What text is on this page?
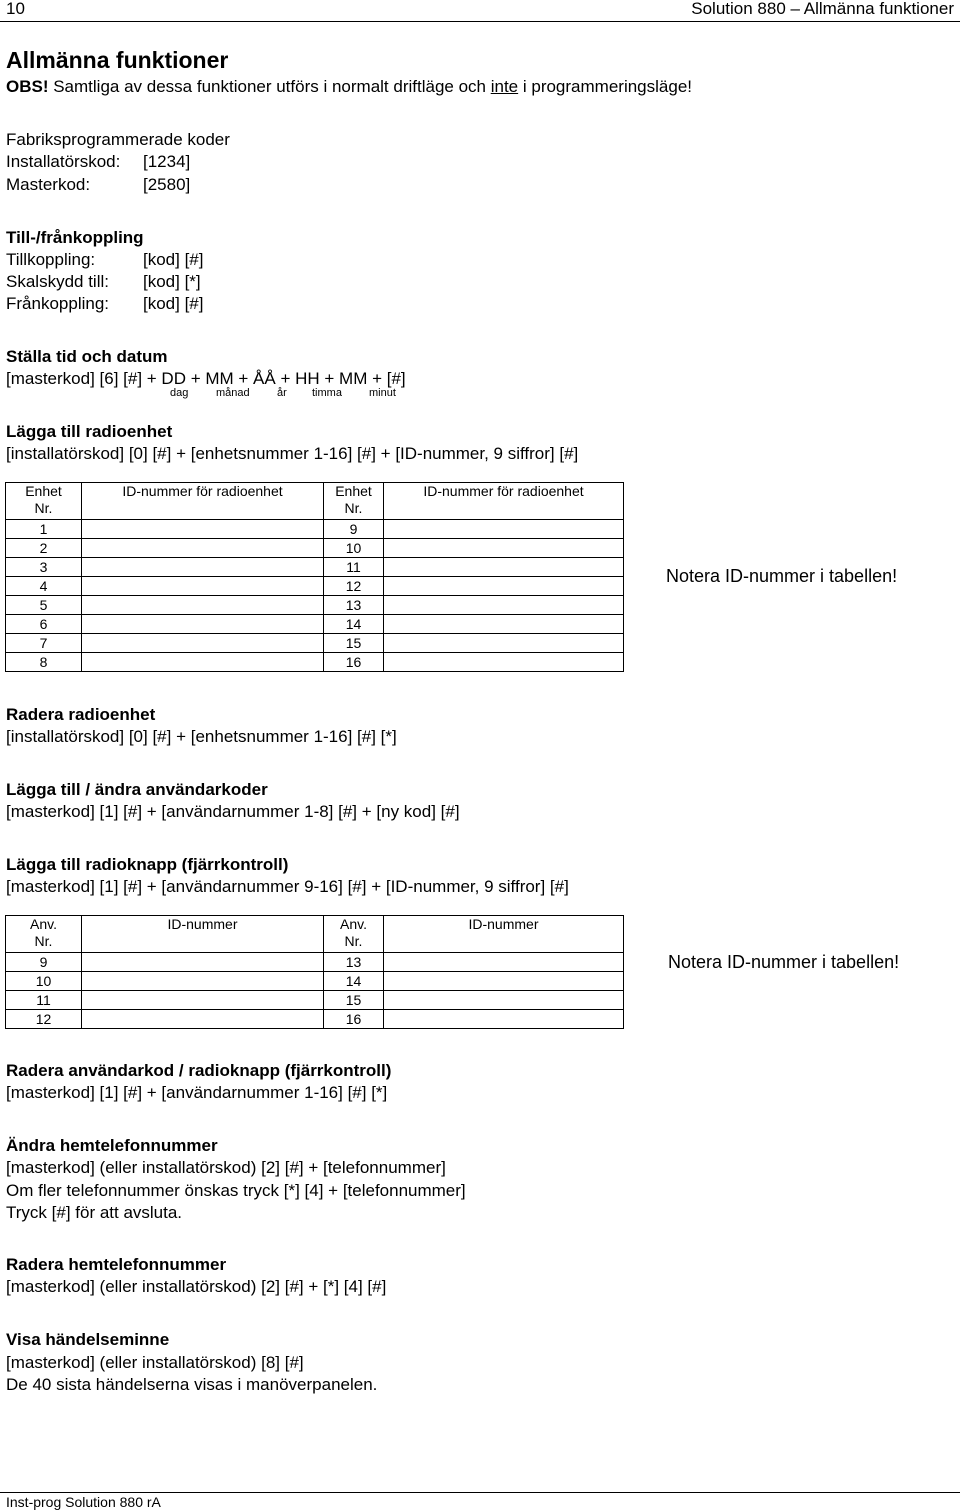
10	Solution 880 – Allmänna funktioner
Allmänna funktioner
OBS! Samtliga av dessa funktioner utförs i normalt driftläge och inte i programmeringsläge!
Fabriksprogrammerade koder
Installatörskod: [1234]
Masterkod:	[2580]
Till-/frånkoppling
Tillkoppling:	[kod] [#]
Skalskydd till: [kod] [*]
Frånkoppling: [kod] [#]
Ställa tid och datum
[masterkod] [6] [#] + DD + MM + ÅÅ + HH + MM + [#]
dag	månad år timma minut
Lägga till radioenhet
[installatörskod] [0] [#] + [enhetsnummer 1-16] [#] + [ID-nummer, 9 siffror] [#]
Enhet
Nr.	ID-nummer för radioenhet	Enhet
Nr.	ID-nummer för radioenhet
1		9	
2		10	
3		11	
4		12	
5		13	
6		14	
7		15	
8		16	
Notera ID-nummer i tabellen!
Radera radioenhet
[installatörskod] [0] [#] + [enhetsnummer 1-16] [#] [*]
Lägga till / ändra användarkoder
[masterkod] [1] [#] + [användarnummer 1-8] [#] + [ny kod] [#]
Lägga till radioknapp (fjärrkontroll)
[masterkod] [1] [#] + [användarnummer 9-16] [#] + [ID-nummer, 9 siffror] [#]
Anv.
Nr.	ID-nummer	Anv.
Nr.	ID-nummer
9		13	
10		14	
11		15	
12		16	
Notera ID-nummer i tabellen!
Radera användarkod / radioknapp (fjärrkontroll)
[masterkod] [1] [#] + [användarnummer 1-16] [#] [*]
Ändra hemtelefonnummer
[masterkod] (eller installatörskod) [2] [#] + [telefonnummer]
Om fler telefonnummer önskas tryck [*] [4] + [telefonnummer]
Tryck [#] för att avsluta.
Radera hemtelefonnummer
[masterkod] (eller installatörskod) [2] [#] + [*] [4] [#]
Visa händelseminne
[masterkod] (eller installatörskod) [8] [#]
De 40 sista händelserna visas i manöverpanelen.
Inst-prog Solution 880 rA
